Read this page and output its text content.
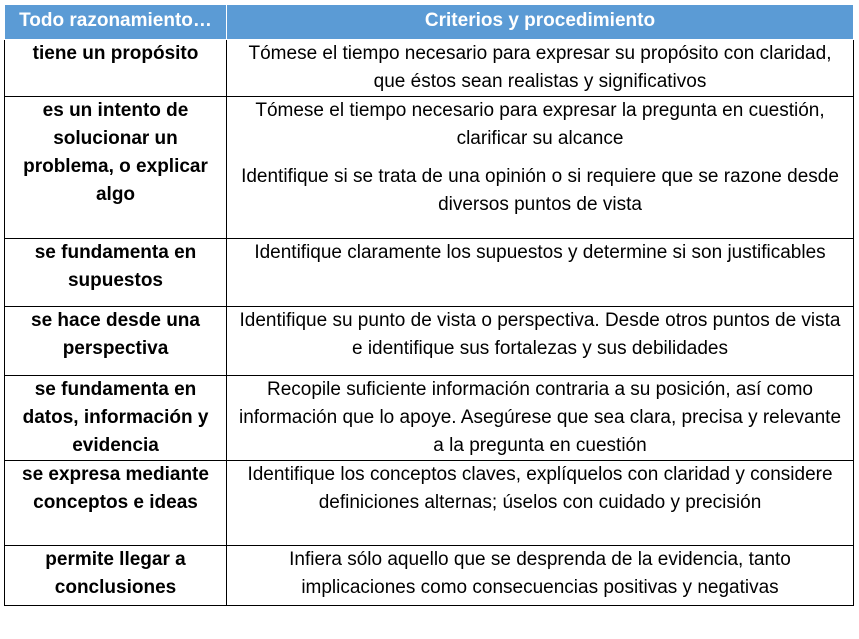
Todo razonamiento…	Criterios y procedimiento
tiene un propósito	Tómese el tiempo necesario para expresar su propósito con claridad, que éstos sean realistas y significativos

es un intento de solucionar un problema, o explicar algo	Tómese el tiempo necesario para expresar la pregunta en cuestión, clarificar su alcance

Identifique si se trata de una opinión o si requiere que se razone desde diversos puntos de vista

se fundamenta en supuestos	Identifique claramente los supuestos y determine si son justificables

se hace desde una perspectiva	Identifique su punto de vista o perspectiva. Desde otros puntos de vista e identifique sus fortalezas y sus debilidades

se fundamenta en datos, información y evidencia	Recopile suficiente información contraria a su posición, así como información que lo apoye. Asegúrese que sea clara, precisa y relevante a la pregunta en cuestión

se expresa mediante conceptos e ideas	Identifique los conceptos claves, explíquelos con claridad y considere definiciones alternas; úselos con cuidado y precisión

permite llegar a conclusiones	Infiera sólo aquello que se desprenda de la evidencia, tanto implicaciones como consecuencias positivas y negativas
